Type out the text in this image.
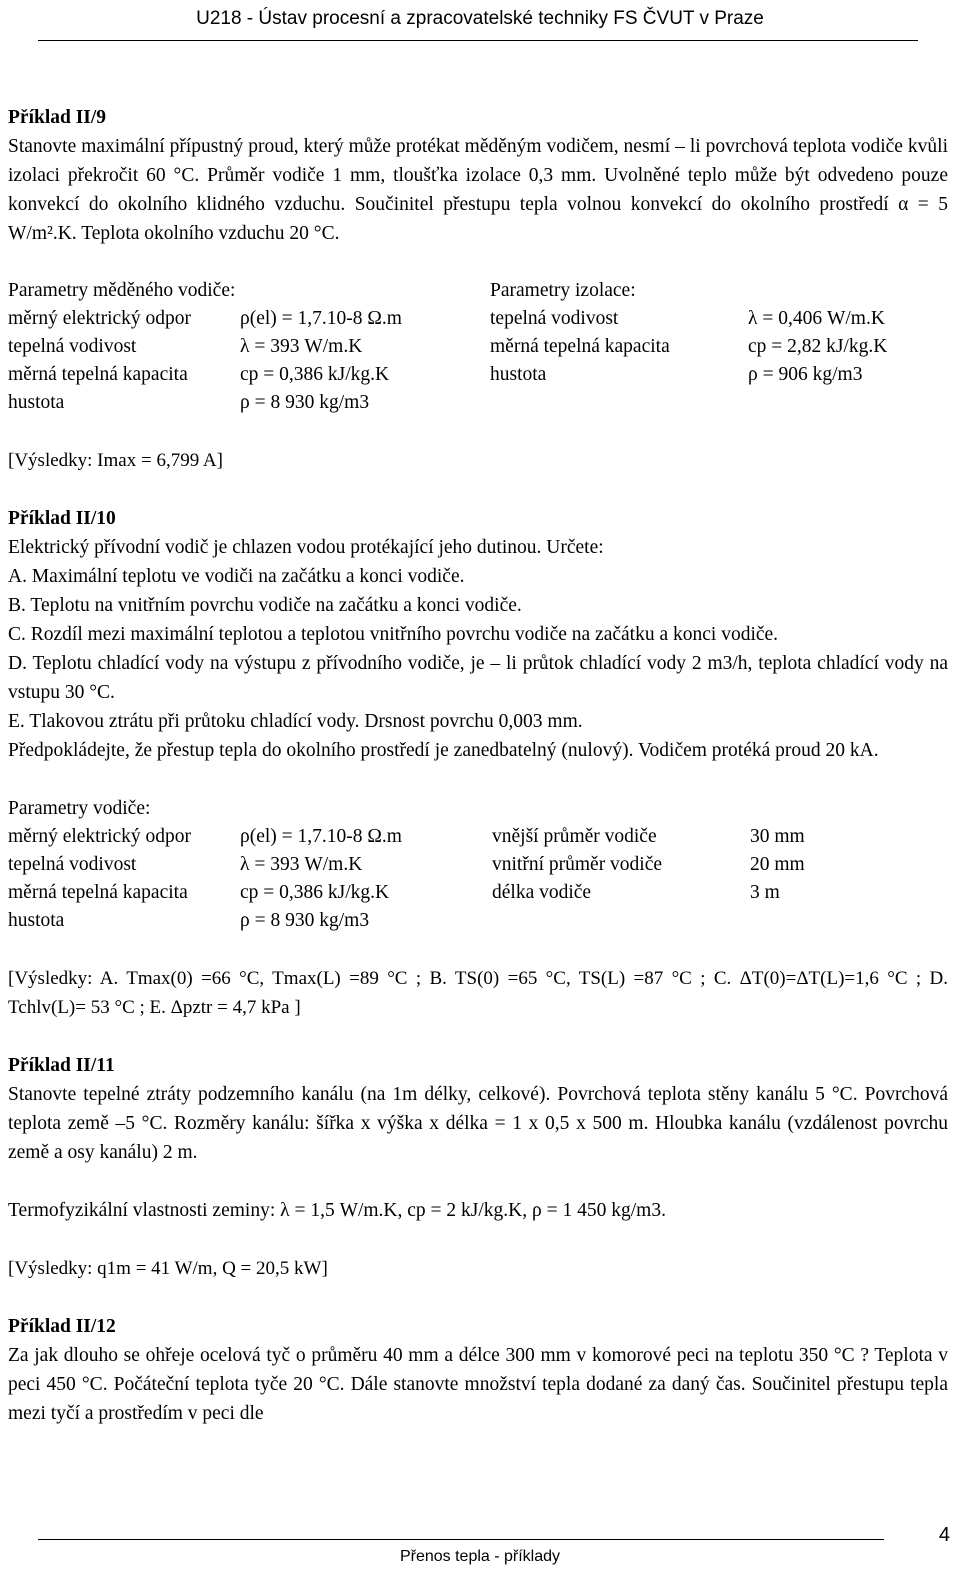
U218 - Ústav procesní a zpracovatelské techniky FS ČVUT v Praze
Příklad II/9

Stanovte maximální přípustný proud, který může protékat měděným vodičem, nesmí – li povrchová teplota vodiče kvůli izolaci překročit 60 °C. Průměr vodiče 1 mm, tloušťka izolace 0,3 mm. Uvolněné teplo může být odvedeno pouze konvekcí do okolního klidného vzduchu. Součinitel přestupu tepla volnou konvekcí do okolního prostředí α = 5 W/m².K. Teplota okolního vzduchu 20 °C.

Parametry měděného vodiče:	Parametry izolace:
měrný elektrický odpor	ρ(el) = 1,7.10-8 Ω.m	tepelná vodivost	λ = 0,406 W/m.K
tepelná vodivost	λ = 393 W/m.K	měrná tepelná kapacita	cp = 2,82 kJ/kg.K
měrná tepelná kapacita	cp = 0,386 kJ/kg.K	hustota	ρ = 906 kg/m3
hustota	ρ = 8 930 kg/m3
[Výsledky: Imax = 6,799 A]
Příklad II/10

Elektrický přívodní vodič je chlazen vodou protékající jeho dutinou. Určete:

A. Maximální teplotu ve vodiči na začátku a konci vodiče.

B. Teplotu na vnitřním povrchu vodiče na začátku a konci vodiče.

C. Rozdíl mezi maximální teplotou a teplotou vnitřního povrchu vodiče na začátku a konci vodiče.

D. Teplotu chladící vody na výstupu z přívodního vodiče, je – li průtok chladící vody 2 m3/h, teplota chladící vody na vstupu 30 °C.

E. Tlakovou ztrátu při průtoku chladící vody. Drsnost povrchu 0,003 mm.

Předpokládejte, že přestup tepla do okolního prostředí je zanedbatelný (nulový). Vodičem protéká proud 20 kA.

Parametry vodiče:
měrný elektrický odpor	ρ(el) = 1,7.10-8 Ω.m	vnější průměr vodiče	30 mm
tepelná vodivost	λ = 393 W/m.K	vnitřní průměr vodiče	20 mm
měrná tepelná kapacita	cp = 0,386 kJ/kg.K	délka vodiče	3 m
hustota	ρ = 8 930 kg/m3

[Výsledky: A. Tmax(0) =66 °C, Tmax(L) =89 °C ; B. TS(0) =65 °C, TS(L) =87 °C ; C. ΔT(0)=ΔT(L)=1,6 °C ; D. Tchlv(L)= 53 °C ; E. Δpztr = 4,7 kPa ]

Příklad II/11

Stanovte tepelné ztráty podzemního kanálu (na 1m délky, celkové). Povrchová teplota stěny kanálu 5 °C. Povrchová teplota země –5 °C. Rozměry kanálu: šířka x výška x délka = 1 x 0,5 x 500 m. Hloubka kanálu (vzdálenost povrchu země a osy kanálu) 2 m.

Termofyzikální vlastnosti zeminy: λ = 1,5 W/m.K, cp = 2 kJ/kg.K, ρ = 1 450 kg/m3.

[Výsledky: q1m = 41 W/m, Q = 20,5 kW]
Příklad II/12

Za jak dlouho se ohřeje ocelová tyč o průměru 40 mm a délce 300 mm v komorové peci na teplotu 350 °C ? Teplota v peci 450 °C. Počáteční teplota tyče 20 °C. Dále stanovte množství tepla dodané za daný čas. Součinitel přestupu tepla mezi tyčí a prostředím v peci dle

Přenos tepla - příklady
4
